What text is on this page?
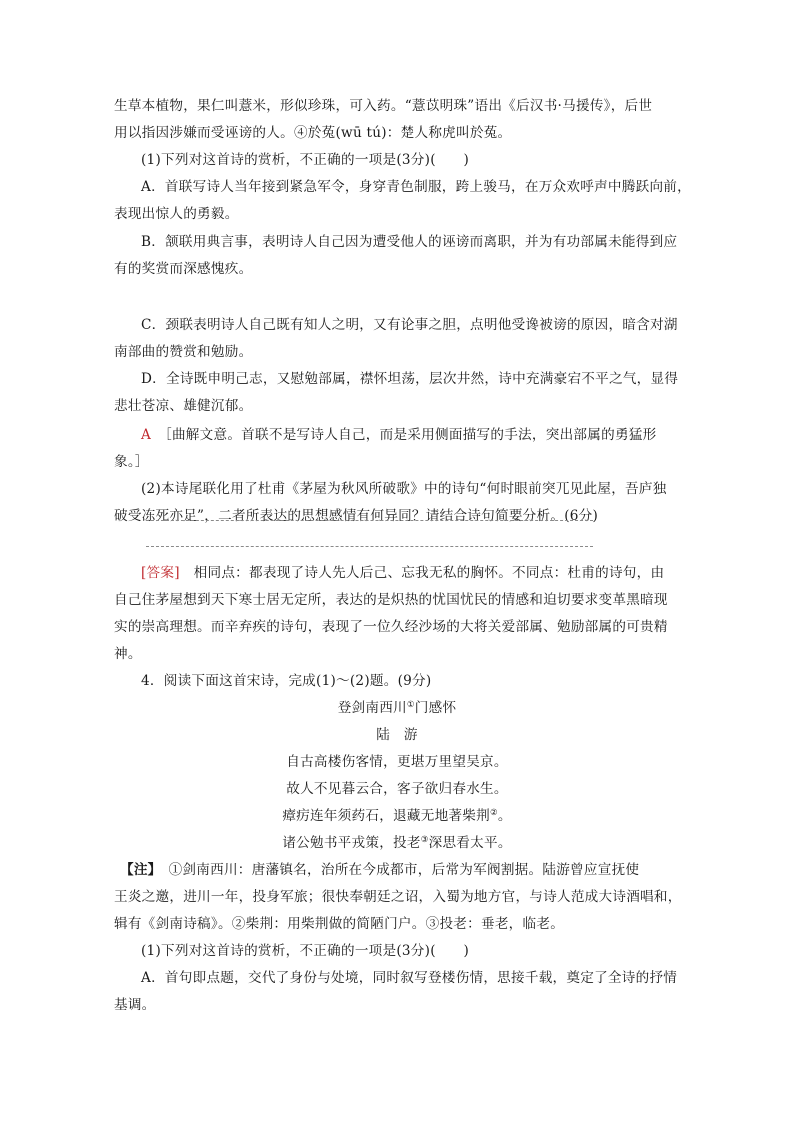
生草本植物，果仁叫薏米，形似珍珠，可入药。“薏苡明珠”语出《后汉书·马援传》，后世
用以指因涉嫌而受诬谤的人。④於菟(wū tú)：楚人称虎叫於菟。
(1)下列对这首诗的赏析，不正确的一项是(3分)(　　)
A．首联写诗人当年接到紧急军令，身穿青色制服，跨上骏马，在万众欢呼声中腾跃向前，
表现出惊人的勇毅。
B．颔联用典言事，表明诗人自己因为遭受他人的诬谤而离职，并为有功部属未能得到应
有的奖赏而深感愧疚。
C．颈联表明诗人自己既有知人之明，又有论事之胆，点明他受谗被谤的原因，暗含对湖
南部曲的赞赏和勉励。
D．全诗既申明己志，又慰勉部属，襟怀坦荡，层次井然，诗中充满豪宕不平之气，显得
悲壮苍凉、雄健沉郁。
A　 ［曲解文意。首联不是写诗人自己，而是采用侧面描写的手法，突出部属的勇猛形
象。］
(2)本诗尾联化用了杜甫《茅屋为秋风所破歌》中的诗句“何时眼前突兀见此屋，吾庐独
破受冻死亦足”，二者所表达的思想感情有何异同？请结合诗句简要分析。(6分)
[答案]　 相同点：都表现了诗人先人后己、忘我无私的胸怀。不同点：杜甫的诗句，由
自己住茅屋想到天下寒士居无定所，表达的是炽热的忧国忧民的情感和迫切要求变革黑暗现
实的崇高理想。而辛弃疾的诗句，表现了一位久经沙场的大将关爱部属、勉励部属的可贵精
神。
4．阅读下面这首宋诗，完成(1)～(2)题。(9分)
登剑南西川①门感怀
陆　游
自古高楼伤客情，更堪万里望吴京。
故人不见暮云合，客子欲归春水生。
瘴疠连年须药石，退藏无地著柴荆②。
诸公勉书平戎策，投老③深思看太平。
【注】　 ①剑南西川：唐藩镇名，治所在今成都市，后常为军阀割据。陆游曾应宣抚使
王炎之邀，进川一年，投身军旅；很快奉朝廷之诏，入蜀为地方官，与诗人范成大诗酒唱和，
辑有《剑南诗稿》。②柴荆：用柴荆做的简陋门户。③投老：垂老，临老。
(1)下列对这首诗的赏析，不正确的一项是(3分)(　　)
A．首句即点题，交代了身份与处境，同时叙写登楼伤情，思接千载，奠定了全诗的抒情
基调。
